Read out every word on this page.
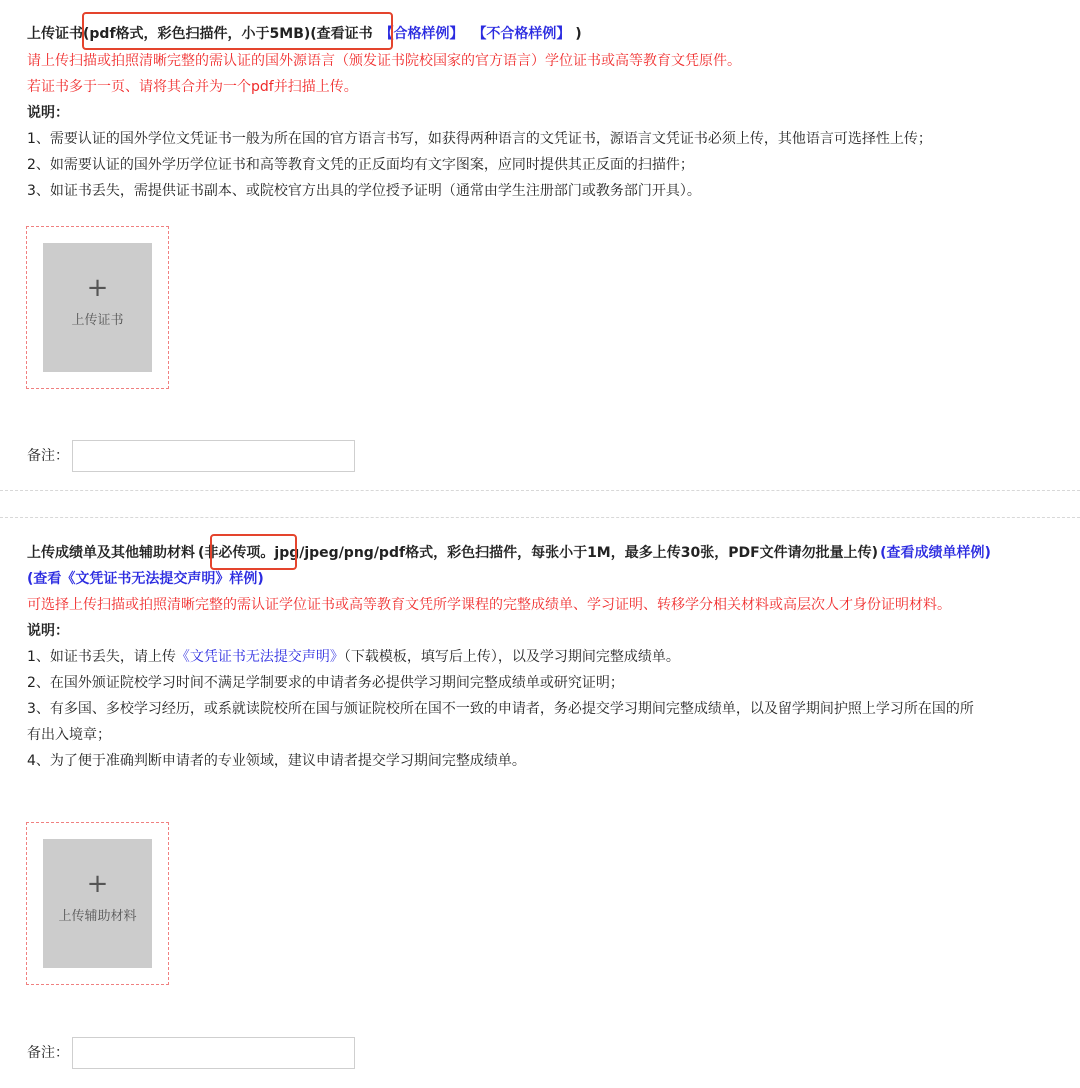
上传证书(pdf格式，彩色扫描件，小于5MB)(查看证书 【合格样例】 【不合格样例】 )
请上传扫描或拍照清晰完整的需认证的国外源语言（颁发证书院校国家的官方语言）学位证书或高等教育文凭原件。
若证书多于一页、请将其合并为一个pdf并扫描上传。
说明：
1、需要认证的国外学位文凭证书一般为所在国的官方语言书写，如获得两种语言的文凭证书，源语言文凭证书必须上传，其他语言可选择性上传；
2、如需要认证的国外学历学位证书和高等教育文凭的正反面均有文字图案，应同时提供其正反面的扫描件；
3、如证书丢失，需提供证书副本、或院校官方出具的学位授予证明（通常由学生注册部门或教务部门开具）。
+
上传证书
备注：
上传成绩单及其他辅助材料 (非必传项。jpg/jpeg/png/pdf格式，彩色扫描件，每张小于1M，最多上传30张，PDF文件请勿批量上传) (查看成绩单样例)
(查看《文凭证书无法提交声明》样例)
可选择上传扫描或拍照清晰完整的需认证学位证书或高等教育文凭所学课程的完整成绩单、学习证明、转移学分相关材料或高层次人才身份证明材料。
说明：
1、如证书丢失，请上传《文凭证书无法提交声明》（下载模板，填写后上传），以及学习期间完整成绩单。
2、在国外颁证院校学习时间不满足学制要求的申请者务必提供学习期间完整成绩单或研究证明；
3、有多国、多校学习经历，或系就读院校所在国与颁证院校所在国不一致的申请者，务必提交学习期间完整成绩单，以及留学期间护照上学习所在国的所
有出入境章；
4、为了便于准确判断申请者的专业领域，建议申请者提交学习期间完整成绩单。
+
上传辅助材料
备注：
